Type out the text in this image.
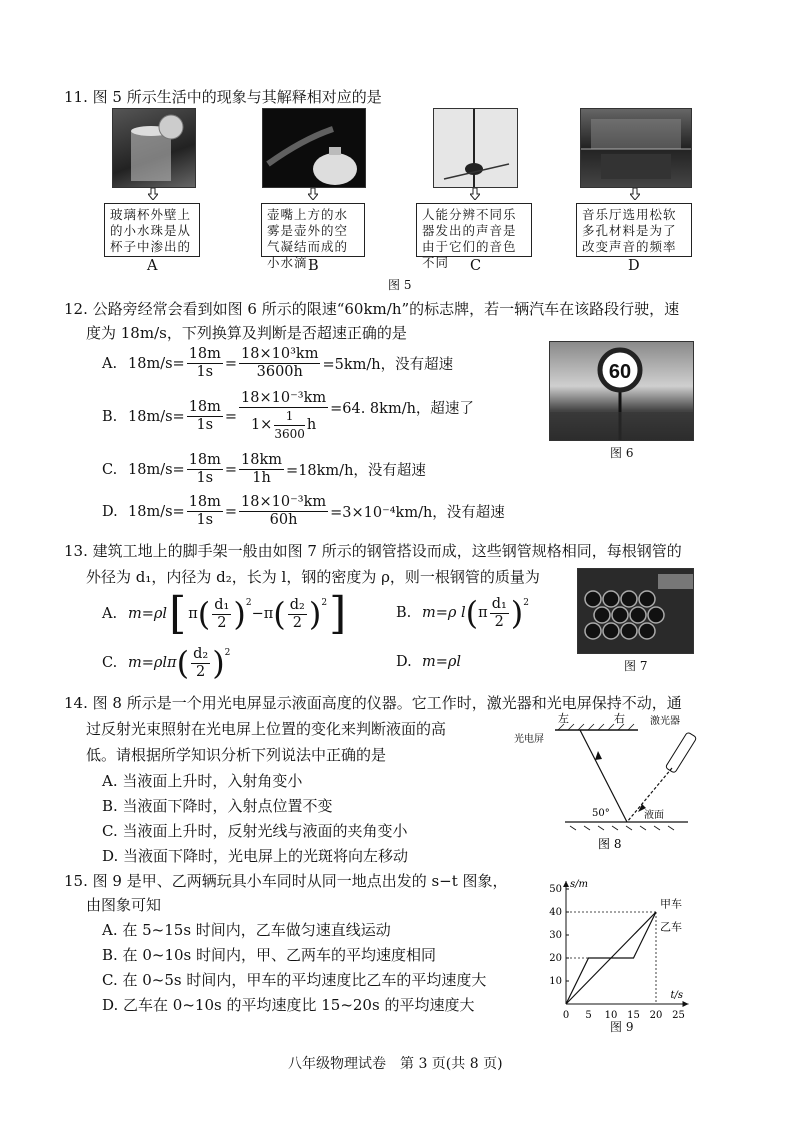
11. 图 5 所示生活中的现象与其解释相对应的是
玻璃杯外壁上的小水珠是从杯子中渗出的
壶嘴上方的水雾是壶外的空气凝结而成的小水滴
人能分辨不同乐器发出的声音是由于它们的音色不同
音乐厅选用松软多孔材料是为了改变声音的频率
A	B	C	D
图 5
12. 公路旁经常会看到如图 6 所示的限速“60km/h”的标志牌，若一辆汽车在该路段行驶，速
度为 18m/s，下列换算及判断是否超速正确的是
A. $18m/s= \frac{18m}{1s} = \frac{\text{18×10³km}}{3600h} =5km/h$，没有超速
B. $18m/s= \frac{18m}{1s} = \frac{\text{18×10⁻³km}}{1\times \frac{1}{3600} h} =64$. 8km/h，超速了
C. $18m/s= \frac{18m}{1s} = \frac{18km}{1h} =18km/h$，没有超速
D. $18m/s= \frac{18m}{1s} = \frac{\text{18×10⁻³km}}{60h} =3\times 10^{-4}km/h$，没有超速
60
图 6
13. 建筑工地上的脚手架一般由如图 7 所示的钢管搭设而成，这些钢管规格相同，每根钢管的
外径为 d₁，内径为 d₂，长为 l，钢的密度为 ρ，则一根钢管的质量为
A. m=ρl [ π ( $\frac{\text{d₁}}{2} )^2$
− π ( $\frac{\text{d₂}}{2} )^2$ ]	B. m=ρ l ( π $\frac{\text{d₁}}{2} )^2$
C. m=ρlπ ( $\frac{\text{d₂}}{2} )^2$
D. m=ρl	图 7
14. 图 8 所示是一个用光电屏显示液面高度的仪器。它工作时，激光器和光电屏保持不动，通
过反射光束照射在光电屏上位置的变化来判断液面的高
低。请根据所学知识分析下列说法中正确的是
A. 当液面上升时，入射角变小
B. 当液面下降时，入射点位置不变
C. 当液面上升时，反射光线与液面的夹角变小
D. 当液面下降时，光电屏上的光斑将向左移动
左	右
光电屏
激光器
50°	液面
图 8
15. 图 9 是甲、乙两辆玩具小车同时从同一地点出发的 s−t 图象，
由图象可知
A. 在 5~15s 时间内，乙车做匀速直线运动
B. 在 0~10s 时间内，甲、乙两车的平均速度相同
C. 在 0~5s 时间内，甲车的平均速度比乙车的平均速度大
D. 乙车在 0~10s 的平均速度比 15~20s 的平均速度大
s/m
t/s
0 5 10 15 20 25
10
20
30
40
50
甲车
乙车
图 9
八年级物理试卷　第 3 页(共 8 页)
